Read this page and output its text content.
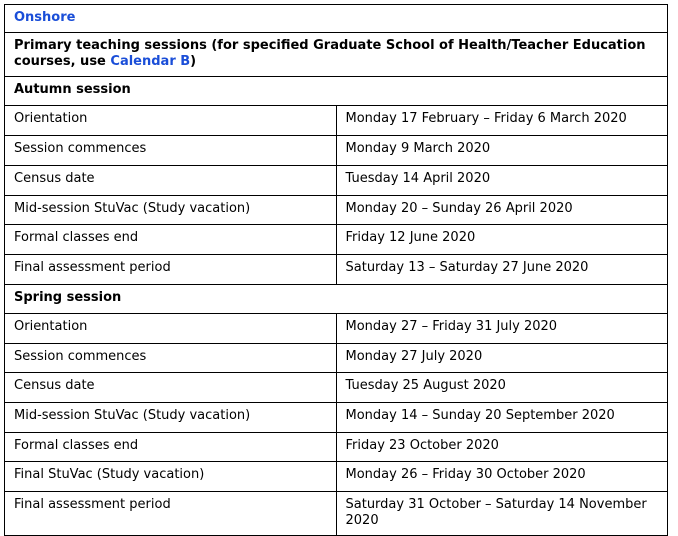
Onshore	
Primary teaching sessions (for specified Graduate School of Health/Teacher Education courses, use Calendar B)	
Autumn session	
Orientation	Monday 17 February – Friday 6 March 2020
Session commences	Monday 9 March 2020
Census date	Tuesday 14 April 2020
Mid-session StuVac (Study vacation)	Monday 20 – Sunday 26 April 2020
Formal classes end	Friday 12 June 2020
Final assessment period	Saturday 13 – Saturday 27 June 2020
Spring session	
Orientation	Monday 27 – Friday 31 July 2020
Session commences	Monday 27 July 2020
Census date	Tuesday 25 August 2020
Mid-session StuVac (Study vacation)	Monday 14 – Sunday 20 September 2020
Formal classes end	Friday 23 October 2020
Final StuVac (Study vacation)	Monday 26 – Friday 30 October 2020
Final assessment period	Saturday 31 October – Saturday 14 November 2020
